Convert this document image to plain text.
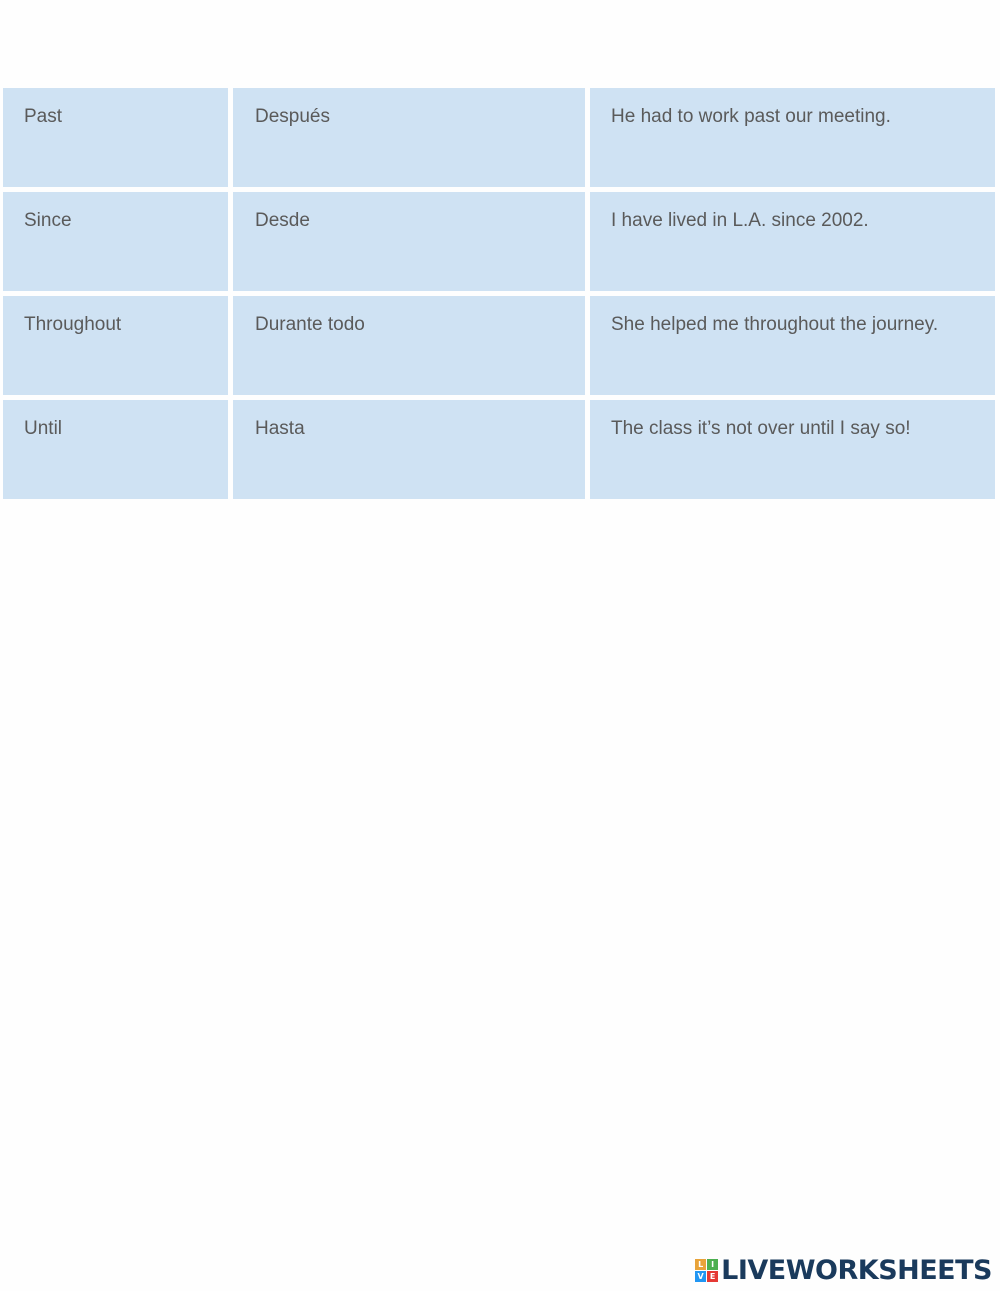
Past	Después	He had to work past our meeting.
Since	Desde	I have lived in L.A. since 2002.
Throughout	Durante todo	She helped me throughout the journey.
Until	Hasta	The class it’s not over until I say so!
L I
V E LIVEWORKSHEETS
